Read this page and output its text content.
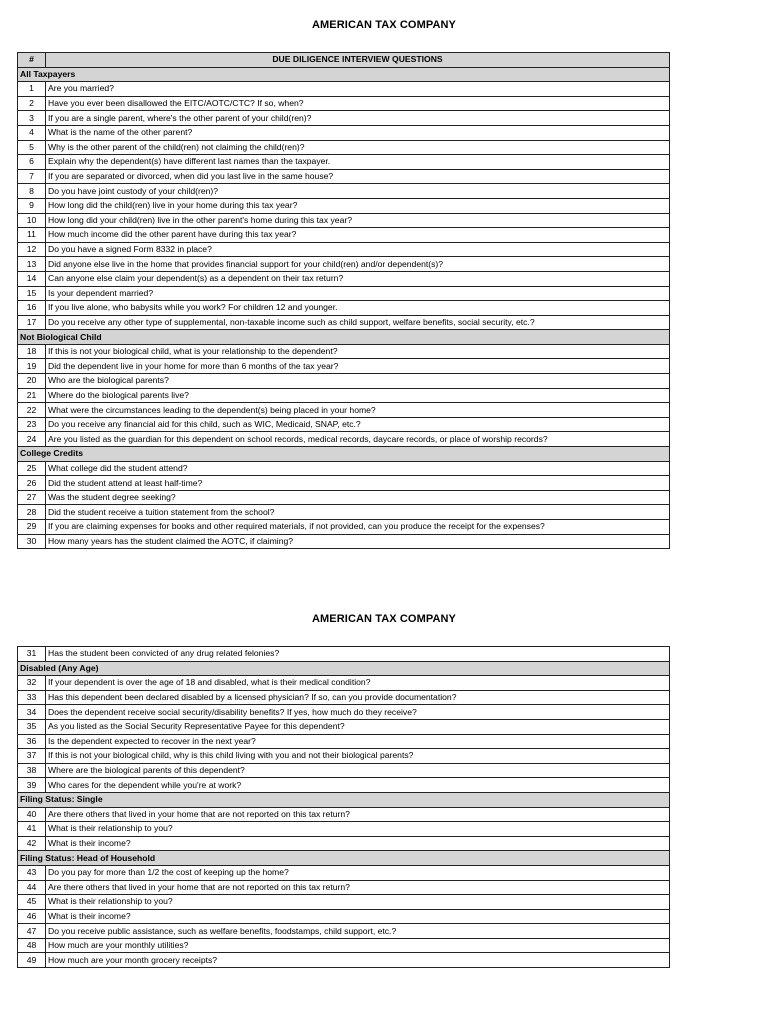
AMERICAN TAX COMPANY
#	DUE DILIGENCE INTERVIEW QUESTIONS
All Taxpayers	
1	Are you married?
2	Have you ever been disallowed the EITC/AOTC/CTC? If so, when?
3	If you are a single parent, where's the other parent of your child(ren)?
4	What is the name of the other parent?
5	Why is the other parent of the child(ren) not claiming the child(ren)?
6	Explain why the dependent(s) have different last names than the taxpayer.
7	If you are separated or divorced, when did you last live in the same house?
8	Do you have joint custody of your child(ren)?
9	How long did the child(ren) live in your home during this tax year?
10	How long did your child(ren) live in the other parent's home during this tax year?
11	How much income did the other parent have during this tax year?
12	Do you have a signed Form 8332 in place?
13	Did anyone else live in the home that provides financial support for your child(ren) and/or dependent(s)?
14	Can anyone else claim your dependent(s) as a dependent on their tax return?
15	Is your dependent married?
16	If you live alone, who babysits while you work? For children 12 and younger.
17	Do you receive any other type of supplemental, non-taxable income such as child support, welfare benefits, social security, etc.?
Not Biological Child	
18	If this is not your biological child, what is your relationship to the dependent?
19	Did the dependent live in your home for more than 6 months of the tax year?
20	Who are the biological parents?
21	Where do the biological parents live?
22	What were the circumstances leading to the dependent(s) being placed in your home?
23	Do you receive any financial aid for this child, such as WIC, Medicaid, SNAP, etc.?
24	Are you listed as the guardian for this dependent on school records, medical records, daycare records, or place of worship records?
College Credits	
25	What college did the student attend?
26	Did the student attend at least half-time?
27	Was the student degree seeking?
28	Did the student receive a tuition statement from the school?
29	If you are claiming expenses for books and other required materials, if not provided, can you produce the receipt for the expenses?
30	How many years has the student claimed the AOTC, if claiming?
AMERICAN TAX COMPANY
31	Has the student been convicted of any drug related felonies?
Disabled (Any Age)	
32	If your dependent is over the age of 18 and disabled, what is their medical condition?
33	Has this dependent been declared disabled by a licensed physician? If so, can you provide documentation?
34	Does the dependent receive social security/disability benefits? If yes, how much do they receive?
35	As you listed as the Social Security Representative Payee for this dependent?
36	Is the dependent expected to recover in the next year?
37	If this is not your biological child, why is this child living with you and not their biological parents?
38	Where are the biological parents of this dependent?
39	Who cares for the dependent while you're at work?
Filing Status: Single	
40	Are there others that lived in your home that are not reported on this tax return?
41	What is their relationship to you?
42	What is their income?
Filing Status: Head of Household	
43	Do you pay for more than 1/2 the cost of keeping up the home?
44	Are there others that lived in your home that are not reported on this tax return?
45	What is their relationship to you?
46	What is their income?
47	Do you receive public assistance, such as welfare benefits, foodstamps, child support, etc.?
48	How much are your monthly utilities?
49	How much are your month grocery receipts?
